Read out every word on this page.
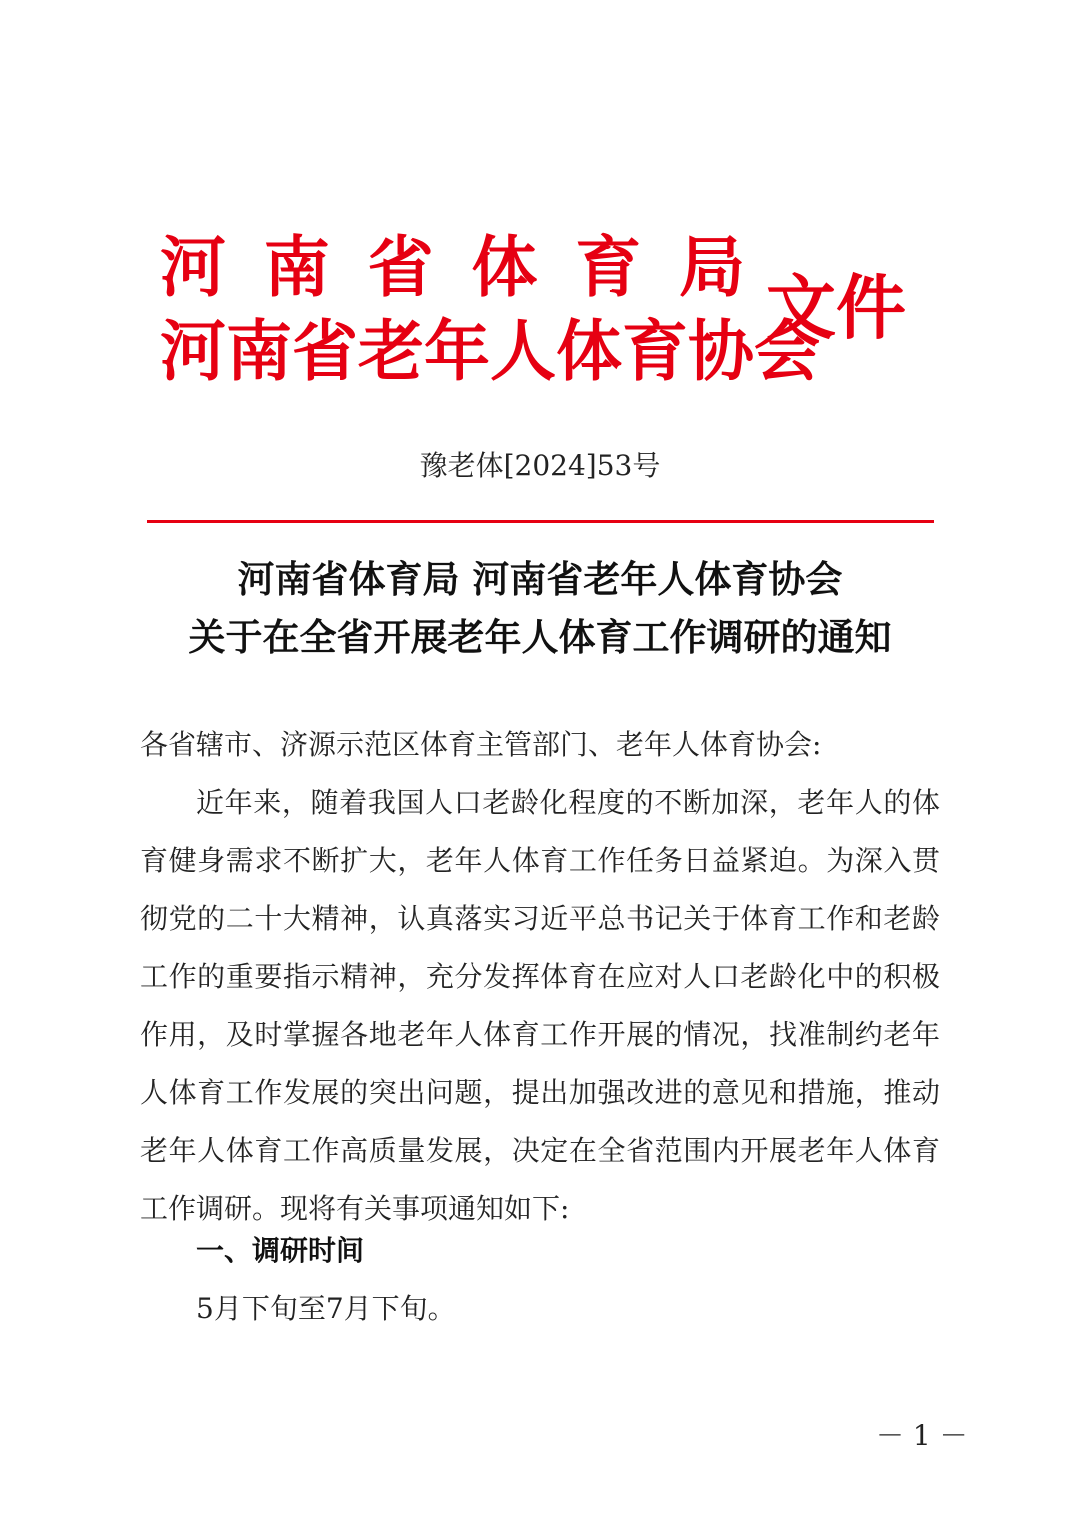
河南省体育局
河南省老年人体育协会
文件
豫老体[2024]53号
河南省体育局 河南省老年人体育协会
关于在全省开展老年人体育工作调研的通知
各省辖市、济源示范区体育主管部门、老年人体育协会:
近年来，随着我国人口老龄化程度的不断加深，老年人的体育健身需求不断扩大，老年人体育工作任务日益紧迫。为深入贯彻党的二十大精神，认真落实习近平总书记关于体育工作和老龄工作的重要指示精神，充分发挥体育在应对人口老龄化中的积极作用，及时掌握各地老年人体育工作开展的情况，找准制约老年人体育工作发展的突出问题，提出加强改进的意见和措施，推动老年人体育工作高质量发展，决定在全省范围内开展老年人体育工作调研。现将有关事项通知如下:
一、调研时间
5月下旬至7月下旬。
－ 1 －
